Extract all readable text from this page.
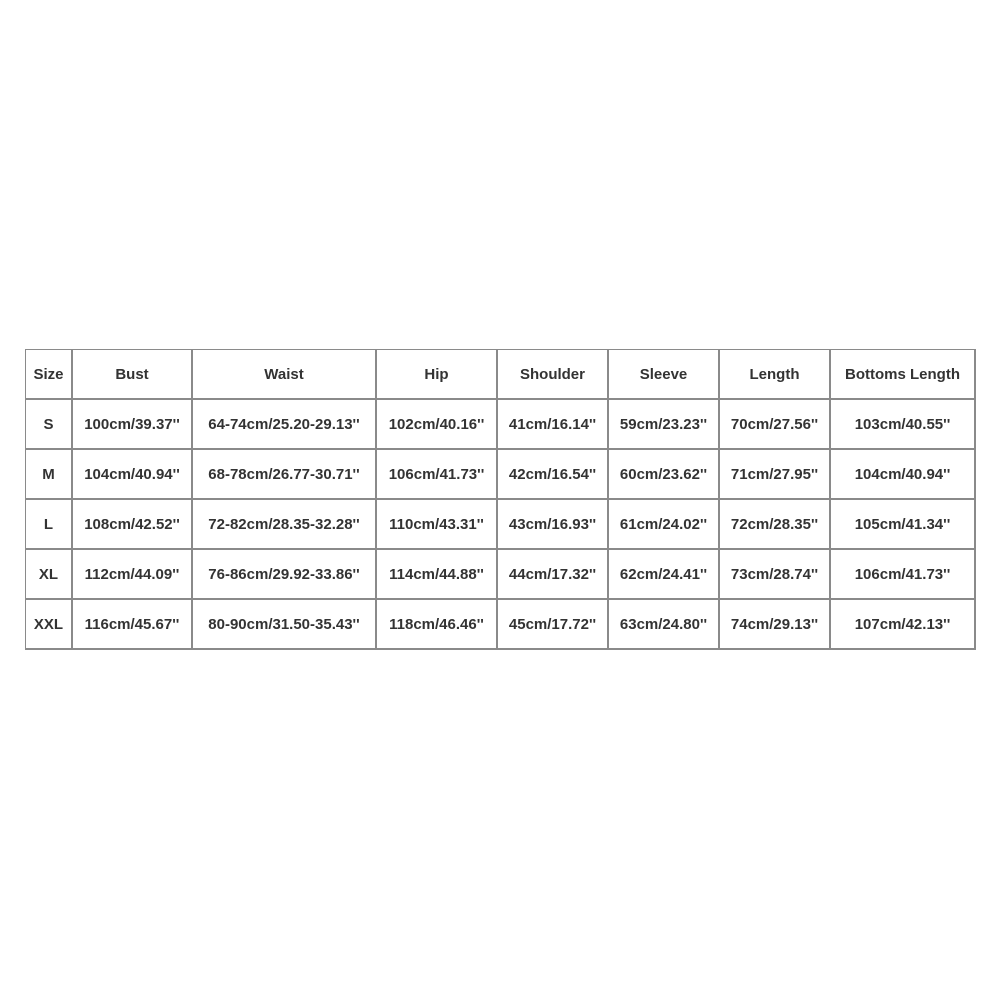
Size	Bust	Waist	Hip	Shoulder	Sleeve	Length	Bottoms Length
S	100cm/39.37''	64-74cm/25.20-29.13''	102cm/40.16''	41cm/16.14''	59cm/23.23''	70cm/27.56''	103cm/40.55''
M	104cm/40.94''	68-78cm/26.77-30.71''	106cm/41.73''	42cm/16.54''	60cm/23.62''	71cm/27.95''	104cm/40.94''
L	108cm/42.52''	72-82cm/28.35-32.28''	110cm/43.31''	43cm/16.93''	61cm/24.02''	72cm/28.35''	105cm/41.34''
XL	112cm/44.09''	76-86cm/29.92-33.86''	114cm/44.88''	44cm/17.32''	62cm/24.41''	73cm/28.74''	106cm/41.73''
XXL	116cm/45.67''	80-90cm/31.50-35.43''	118cm/46.46''	45cm/17.72''	63cm/24.80''	74cm/29.13''	107cm/42.13''
